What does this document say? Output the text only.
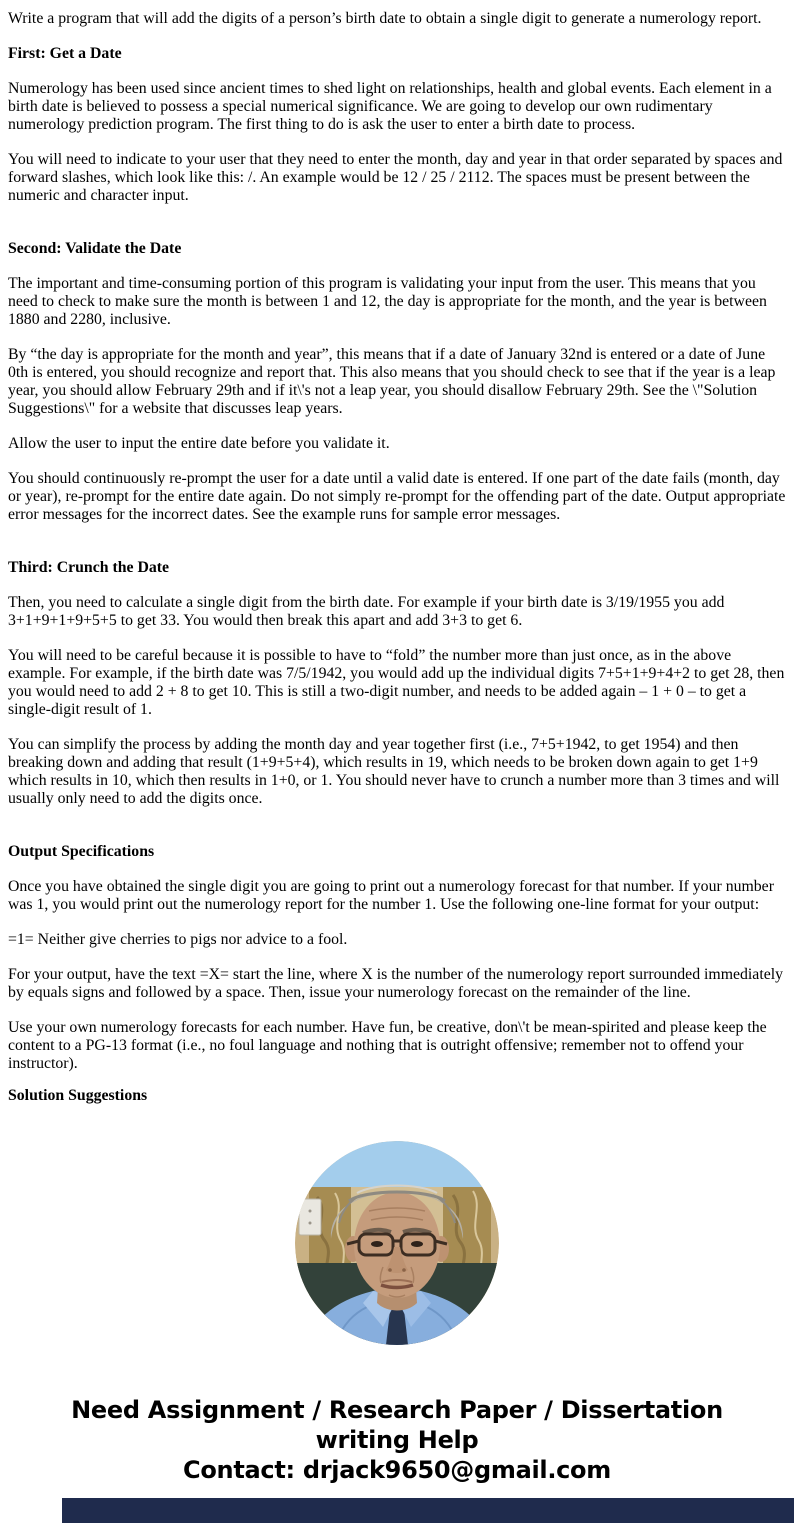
Write a program that will add the digits of a person’s birth date to obtain a single digit to generate a numerology report.

First: Get a Date

Numerology has been used since ancient times to shed light on relationships, health and global events. Each element in a birth date is believed to possess a special numerical significance. We are going to develop our own rudimentary numerology prediction program. The first thing to do is ask the user to enter a birth date to process.

You will need to indicate to your user that they need to enter the month, day and year in that order separated by spaces and forward slashes, which look like this: /. An example would be 12 / 25 / 2112. The spaces must be present between the numeric and character input.

Second: Validate the Date

The important and time-consuming portion of this program is validating your input from the user. This means that you need to check to make sure the month is between 1 and 12, the day is appropriate for the month, and the year is between 1880 and 2280, inclusive.

By “the day is appropriate for the month and year”, this means that if a date of January 32nd is entered or a date of June 0th is entered, you should recognize and report that. This also means that you should check to see that if the year is a leap year, you should allow February 29th and if it\'s not a leap year, you should disallow February 29th. See the \"Solution Suggestions\" for a website that discusses leap years.

Allow the user to input the entire date before you validate it.

You should continuously re-prompt the user for a date until a valid date is entered. If one part of the date fails (month, day or year), re-prompt for the entire date again. Do not simply re-prompt for the offending part of the date. Output appropriate error messages for the incorrect dates. See the example runs for sample error messages.

Third: Crunch the Date

Then, you need to calculate a single digit from the birth date. For example if your birth date is 3/19/1955 you add 3+1+9+1+9+5+5 to get 33. You would then break this apart and add 3+3 to get 6.

You will need to be careful because it is possible to have to “fold” the number more than just once, as in the above example. For example, if the birth date was 7/5/1942, you would add up the individual digits 7+5+1+9+4+2 to get 28, then you would need to add 2 + 8 to get 10. This is still a two-digit number, and needs to be added again – 1 + 0 – to get a single-digit result of 1.

You can simplify the process by adding the month day and year together first (i.e., 7+5+1942, to get 1954) and then breaking down and adding that result (1+9+5+4), which results in 19, which needs to be broken down again to get 1+9 which results in 10, which then results in 1+0, or 1. You should never have to crunch a number more than 3 times and will usually only need to add the digits once.

Output Specifications

Once you have obtained the single digit you are going to print out a numerology forecast for that number. If your number was 1, you would print out the numerology report for the number 1. Use the following one-line format for your output:

=1= Neither give cherries to pigs nor advice to a fool.

For your output, have the text =X= start the line, where X is the number of the numerology report surrounded immediately by equals signs and followed by a space. Then, issue your numerology forecast on the remainder of the line.

Use your own numerology forecasts for each number. Have fun, be creative, don\'t be mean-spirited and please keep the content to a PG-13 format (i.e., no foul language and nothing that is outright offensive; remember not to offend your instructor).

Solution Suggestions
Need Assignment / Research Paper / Dissertation
writing Help
Contact: drjack9650@gmail.com
